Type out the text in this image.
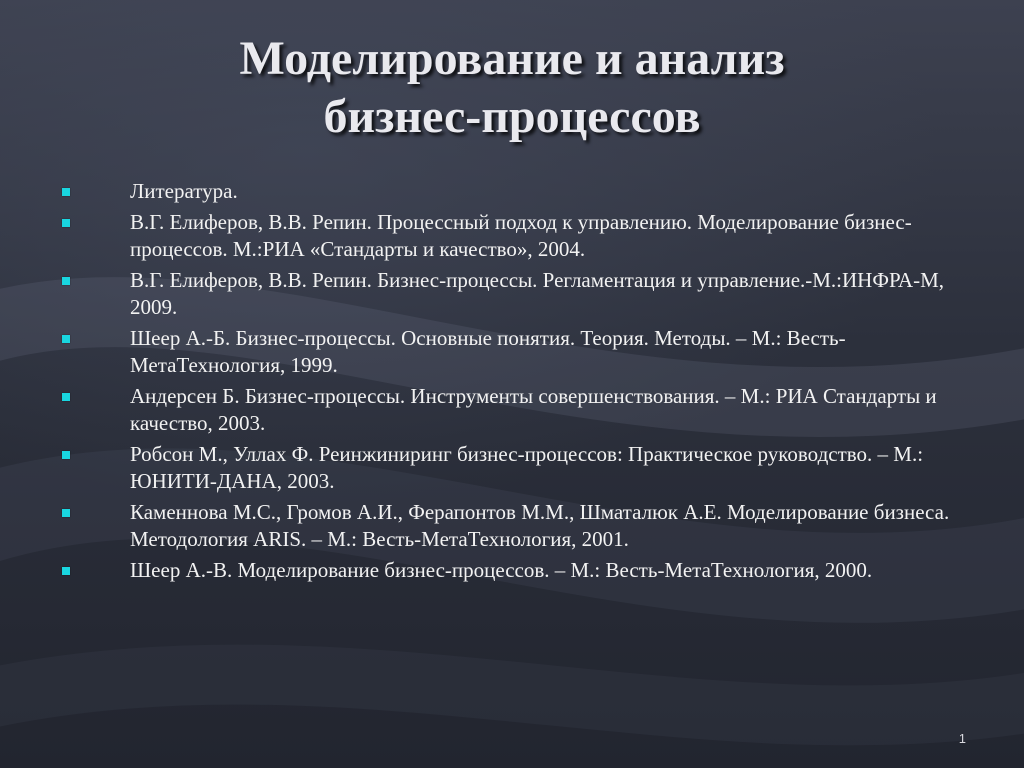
Моделирование и анализ
бизнес-процессов
Литература.
В.Г. Елиферов, В.В. Репин. Процессный подход к управлению. Моделирование бизнес-процессов. М.:РИА «Стандарты и качество», 2004.
В.Г. Елиферов, В.В. Репин. Бизнес-процессы. Регламентация и управление.-М.:ИНФРА-М, 2009.
Шеер А.-Б. Бизнес-процессы. Основные понятия. Теория. Методы. – М.: Весть-МетаТехнология, 1999.
Андерсен Б. Бизнес-процессы. Инструменты совершенствования. – М.: РИА Стандарты и качество, 2003.
Робсон М., Уллах Ф. Реинжиниринг бизнес-процессов: Практическое руководство. – М.: ЮНИТИ-ДАНА, 2003.
Каменнова М.С., Громов А.И., Ферапонтов М.М., Шматалюк А.Е. Моделирование бизнеса. Методология ARIS. – М.: Весть-МетаТехнология, 2001.
Шеер А.-В. Моделирование бизнес-процессов. – М.: Весть-МетаТехнология, 2000.
1
